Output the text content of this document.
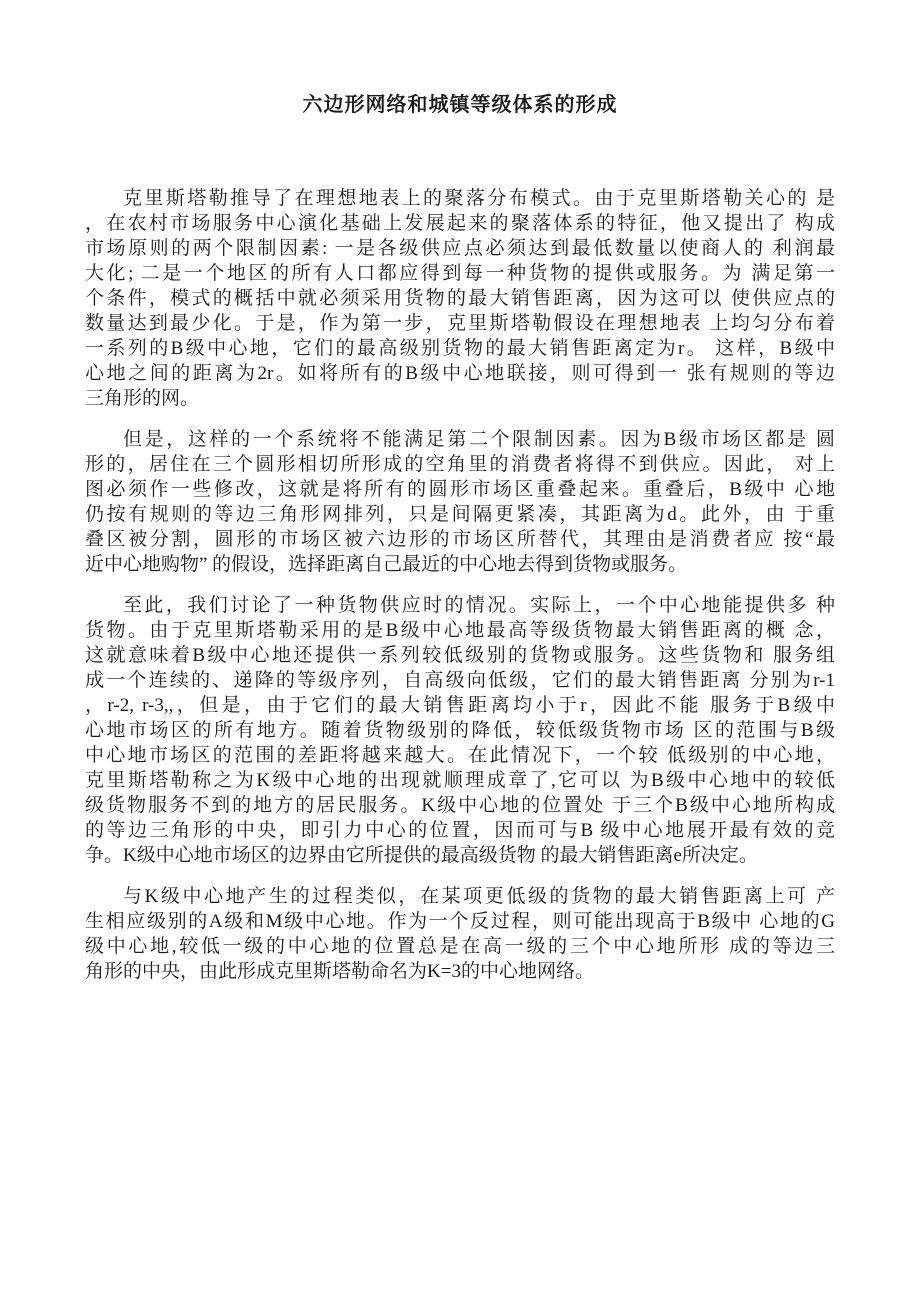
六边形网络和城镇等级体系的形成
克里斯塔勒推导了在理想地表上的聚落分布模式。由于克里斯塔勒关心的 是
，在农村市场服务中心演化基础上发展起来的聚落体系的特征，他又提出了 构成
市场原则的两个限制因素: 一是各级供应点必须达到最低数量以使商人的 利润最
大化; 二是一个地区的所有人口都应得到每一种货物的提供或服务。为 满足第一
个条件，模式的概括中就必须采用货物的最大销售距离，因为这可以 使供应点的
数量达到最少化。于是，作为第一步，克里斯塔勒假设在理想地表 上均匀分布着
一系列的B级中心地，它们的最高级别货物的最大销售距离定为r。 这样，B级中
心地之间的距离为2r。如将所有的B级中心地联接，则可得到一 张有规则的等边
三角形的网。
但是，这样的一个系统将不能满足第二个限制因素。因为B级市场区都是 圆
形的，居住在三个圆形相切所形成的空角里的消费者将得不到供应。因此， 对上
图必须作一些修改，这就是将所有的圆形市场区重叠起来。重叠后，B级中 心地
仍按有规则的等边三角形网排列，只是间隔更紧凑，其距离为d。此外，由 于重
叠区被分割，圆形的市场区被六边形的市场区所替代，其理由是消费者应 按“最
近中心地购物” 的假设，选择距离自己最近的中心地去得到货物或服务。
至此，我们讨论了一种货物供应时的情况。实际上，一个中心地能提供多 种
货物。由于克里斯塔勒采用的是B级中心地最高等级货物最大销售距离的概 念，
这就意味着B级中心地还提供一系列较低级别的货物或服务。这些货物和 服务组
成一个连续的、递降的等级序列，自高级向低级，它们的最大销售距离 分别为r-1
，r-2, r-3,,，但是，由于它们的最大销售距离均小于r，因此不能 服务于B级中
心地市场区的所有地方。随着货物级别的降低，较低级货物市场 区的范围与B级
中心地市场区的范围的差距将越来越大。在此情况下，一个较 低级别的中心地，
克里斯塔勒称之为K级中心地的出现就顺理成章了,它可以 为B级中心地中的较低
级货物服务不到的地方的居民服务。K级中心地的位置处 于三个B级中心地所构成
的等边三角形的中央，即引力中心的位置，因而可与B 级中心地展开最有效的竞
争。K级中心地市场区的边界由它所提供的最高级货物 的最大销售距离e所决定。
与K级中心地产生的过程类似，在某项更低级的货物的最大销售距离上可 产
生相应级别的A级和M级中心地。作为一个反过程，则可能出现高于B级中 心地的G
级中心地,较低一级的中心地的位置总是在高一级的三个中心地所形 成的等边三
角形的中央，由此形成克里斯塔勒命名为K=3的中心地网络。
